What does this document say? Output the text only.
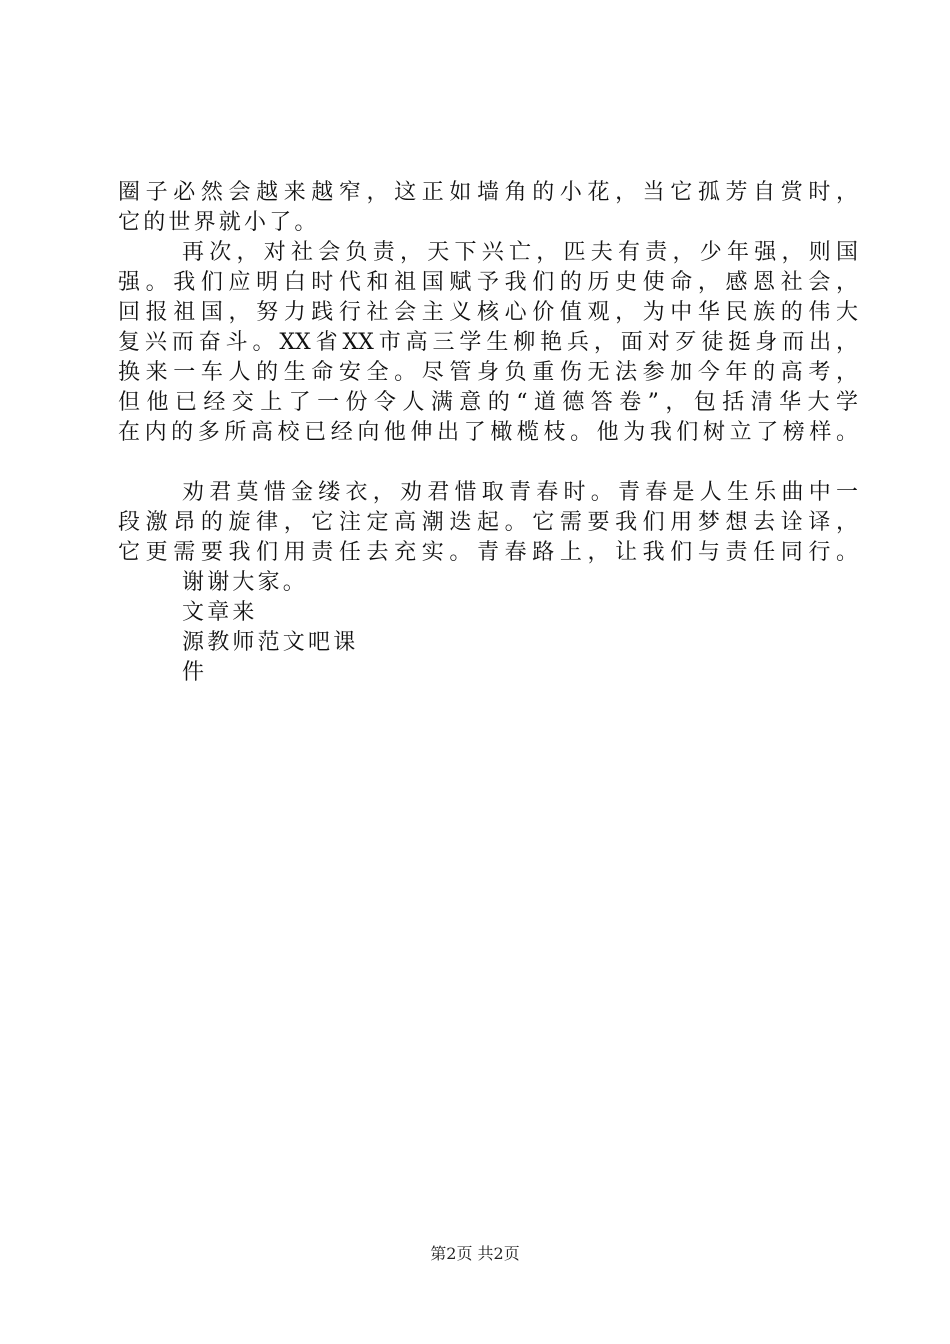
圈子必然会越来越窄，这正如墙角的小花，当它孤芳自赏时，
它的世界就小了。
再次，对社会负责，天下兴亡，匹夫有责，少年强，则国
强。我们应明白时代和祖国赋予我们的历史使命，感恩社会，
回报祖国，努力践行社会主义核心价值观，为中华民族的伟大
复兴而奋斗。XX省XX市高三学生柳艳兵，面对歹徒挺身而出，
换来一车人的生命安全。尽管身负重伤无法参加今年的高考，
但他已经交上了一份令人满意的“道德答卷”，包括清华大学
在内的多所高校已经向他伸出了橄榄枝。他为我们树立了榜样。
劝君莫惜金缕衣，劝君惜取青春时。青春是人生乐曲中一
段激昂的旋律，它注定高潮迭起。它需要我们用梦想去诠译，
它更需要我们用责任去充实。青春路上，让我们与责任同行。
谢谢大家。
文章来
源教师范文吧课
件
第2页 共2页
